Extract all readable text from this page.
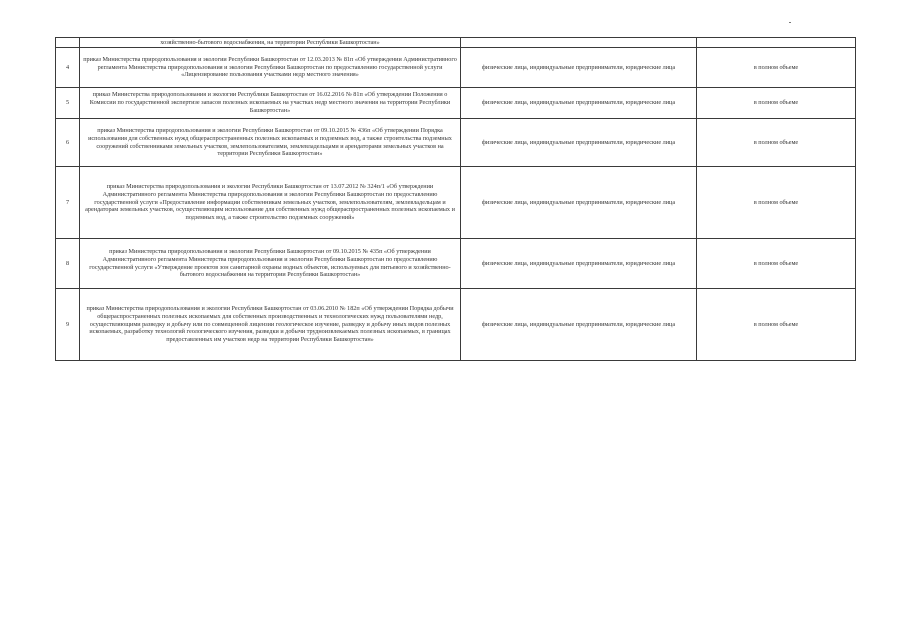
	хозяйственно-бытового водоснабжения, на территории Республики Башкортостан»		
4	приказ Министерства природопользования и экологии Республики Башкортостан от 12.03.2013 № 81п «Об утверждении Административного регламента Министерства природопользования и экологии Республики Башкортостан по предоставлению государственной услуги «Лицензирование пользования участками недр местного значения»	физические лица, индивидуальные предприниматели, юридические лица	в полном объеме
5	приказ Министерства природопользования и экологии Республики Башкортостан от 16.02.2016 № 81п «Об утверждении Положения о Комиссии по государственной экспертизе запасов полезных ископаемых на участках недр местного значения на территории Республики Башкортостан»	физические лица, индивидуальные предприниматели, юридические лица	в полном объеме
6	приказ Министерства природопользования и экологии Республики Башкортостан от 09.10.2015 № 436п «Об утверждении Порядка использования для собственных нужд общераспространенных полезных ископаемых и подземных вод, а также строительства подземных сооружений собственниками земельных участков, землепользователями, землевладельцами и арендаторами земельных участков на территории Республики Башкортостан»	физические лица, индивидуальные предприниматели, юридические лица	в полном объеме
7	приказ Министерства природопользования и экологии Республики Башкортостан от 13.07.2012 № 324п/1 «Об утверждении Административного регламента Министерства природопользования и экологии Республики Башкортостан по предоставлению государственной услуги «Предоставление информации собственникам земельных участков, землепользователям, землевладельцам и арендаторам земельных участков, осуществляющим использование для собственных нужд общераспространенных полезных ископаемых и подземных вод, а также строительство подземных сооружений»	физические лица, индивидуальные предприниматели, юридические лица	в полном объеме
8	приказ Министерства природопользования и экологии Республики Башкортостан от 09.10.2015 № 435п «Об утверждении Административного регламента Министерства природопользования и экологии Республики Башкортостан по предоставлению государственной услуги «Утверждение проектов зон санитарной охраны водных объектов, используемых для питьевого и хозяйственно-бытового водоснабжения на территории Республики Башкортостан»	физические лица, индивидуальные предприниматели, юридические лица	в полном объеме
9	приказ Министерства природопользования и экологии Республики Башкортостан от 03.06.2010 № 182п «Об утверждении Порядка добычи общераспространенных полезных ископаемых для собственных производственных и технологических нужд пользователями недр, осуществляющими разведку и добычу или по совмещенной лицензии геологическое изучение, разведку и добычу иных видов полезных ископаемых, разработку технологий геологического изучения, разведки и добычи трудноизвлекаемых полезных ископаемых, в границах предоставленных им участков недр на территории Республики Башкортостан»	физические лица, индивидуальные предприниматели, юридические лица	в полном объеме
